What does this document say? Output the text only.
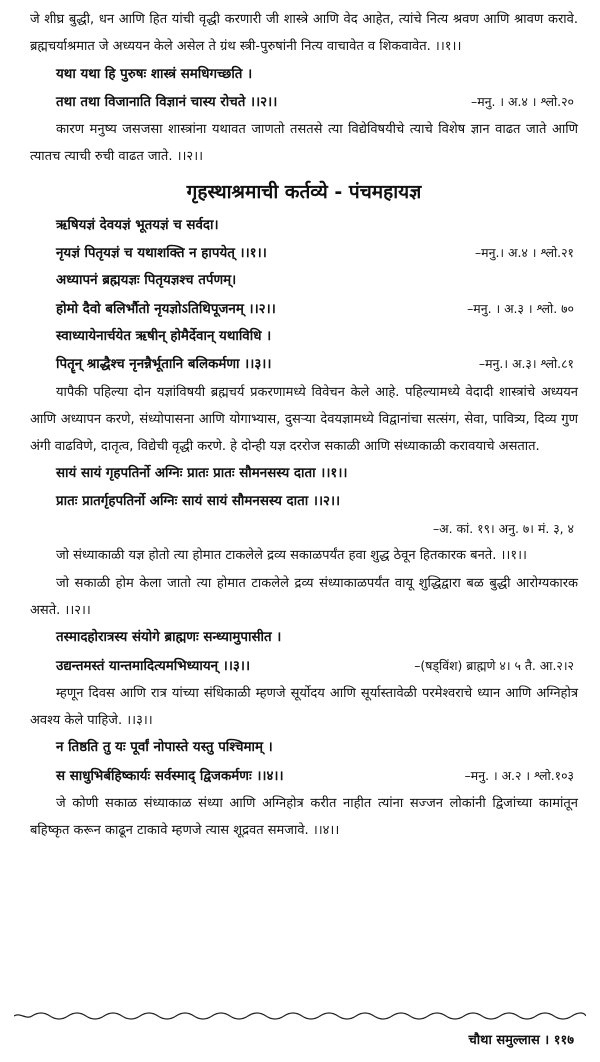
जे शीघ्र बुद्धी, धन आणि हित यांची वृद्धी करणारी जी शास्त्रे आणि वेद आहेत, त्यांचे नित्य श्रवण आणि श्रावण करावे. ब्रह्मचर्याश्रमात जे अध्ययन केले असेल ते ग्रंथ स्त्री-पुरुषांनी नित्य वाचावेत व शिकवावेत. ।।१।।

यथा यथा हि पुरुषः शास्त्रं समधिगच्छति ।
तथा तथा विजानाति विज्ञानं चास्य रोचते ।।२।।	–मनु. । अ.४ । श्लो.२०

कारण मनुष्य जसजसा शास्त्रांना यथावत जाणतो तसतसे त्या विद्येविषयीचे त्याचे विशेष ज्ञान वाढत जाते आणि त्यातच त्याची रुची वाढत जाते. ।।२।।

गृहस्थाश्रमाची कर्तव्ये - पंचमहायज्ञ
ऋषियज्ञं देवयज्ञं भूतयज्ञं च सर्वदा।
नृयज्ञं पितृयज्ञं च यथाशक्ति न हापयेत् ।।१।।	–मनु.। अ.४ । श्लो.२१
अध्यापनं ब्रह्मयज्ञः पितृयज्ञश्च तर्पणम्।
होमो दैवो बलिर्भौतो नृयज्ञोऽतिथिपूजनम् ।।२।।	–मनु. । अ.३ । श्लो. ७०
स्वाध्यायेनार्चयेत ऋषीन् होमैर्देवान् यथाविधि ।
पितॄन् श्राद्धैश्च नृनन्नैर्भूतानि बलिकर्मणा ।।३।।	–मनु.। अ.३। श्लो.८१

यापैकी पहिल्या दोन यज्ञांविषयी ब्रह्मचर्य प्रकरणामध्ये विवेचन केले आहे. पहिल्यामध्ये वेदादी शास्त्रांचे अध्ययन आणि अध्यापन करणे, संध्योपासना आणि योगाभ्यास, दुसऱ्या देवयज्ञामध्ये विद्वानांचा सत्संग, सेवा, पावित्र्य, दिव्य गुण अंगी वाढविणे, दातृत्व, विद्येची वृद्धी करणे. हे दोन्ही यज्ञ दररोज सकाळी आणि संध्याकाळी करावयाचे असतात.

सायं सायं गृहपतिर्नो अग्निः प्रातः प्रातः सौमनसस्य दाता ।।१।।
प्रातः प्रातर्गृहपतिर्नो अग्निः सायं सायं सौमनसस्य दाता ।।२।।

–अ. कां. १९। अनु. ७। मं. ३, ४

जो संध्याकाळी यज्ञ होतो त्या होमात टाकलेले द्रव्य सकाळपर्यंत हवा शुद्ध ठेवून हितकारक बनते. ।।१।।

जो सकाळी होम केला जातो त्या होमात टाकलेले द्रव्य संध्याकाळपर्यंत वायू शुद्धिद्वारा बळ बुद्धी आरोग्यकारक असते. ।।२।।

तस्मादहोरात्रस्य संयोगे ब्राह्मणः सन्ध्यामुपासीत ।
उद्यन्तमस्तं यान्तमादित्यमभिध्यायन् ।।३।।	–(षड्विंश) ब्राह्मणे ४। ५ तै. आ.२।२

म्हणून दिवस आणि रात्र यांच्या संधिकाळी म्हणजे सूर्योदय आणि सूर्यास्तावेळी परमेश्वराचे ध्यान आणि अग्निहोत्र अवश्य केले पाहिजे. ।।३।।

न तिष्ठति तु यः पूर्वां नोपास्ते यस्तु पश्चिमाम् ।
स साधुभिर्बहिष्कार्यः सर्वस्माद् द्विजकर्मणः ।।४।।	–मनु. । अ.२ । श्लो.१०३

जे कोणी सकाळ संध्याकाळ संध्या आणि अग्निहोत्र करीत नाहीत त्यांना सज्जन लोकांनी द्विजांच्या कामांतून बहिष्कृत करून काढून टाकावे म्हणजे त्यास शूद्रवत समजावे. ।।४।।

चौथा समुल्लास । ११७
